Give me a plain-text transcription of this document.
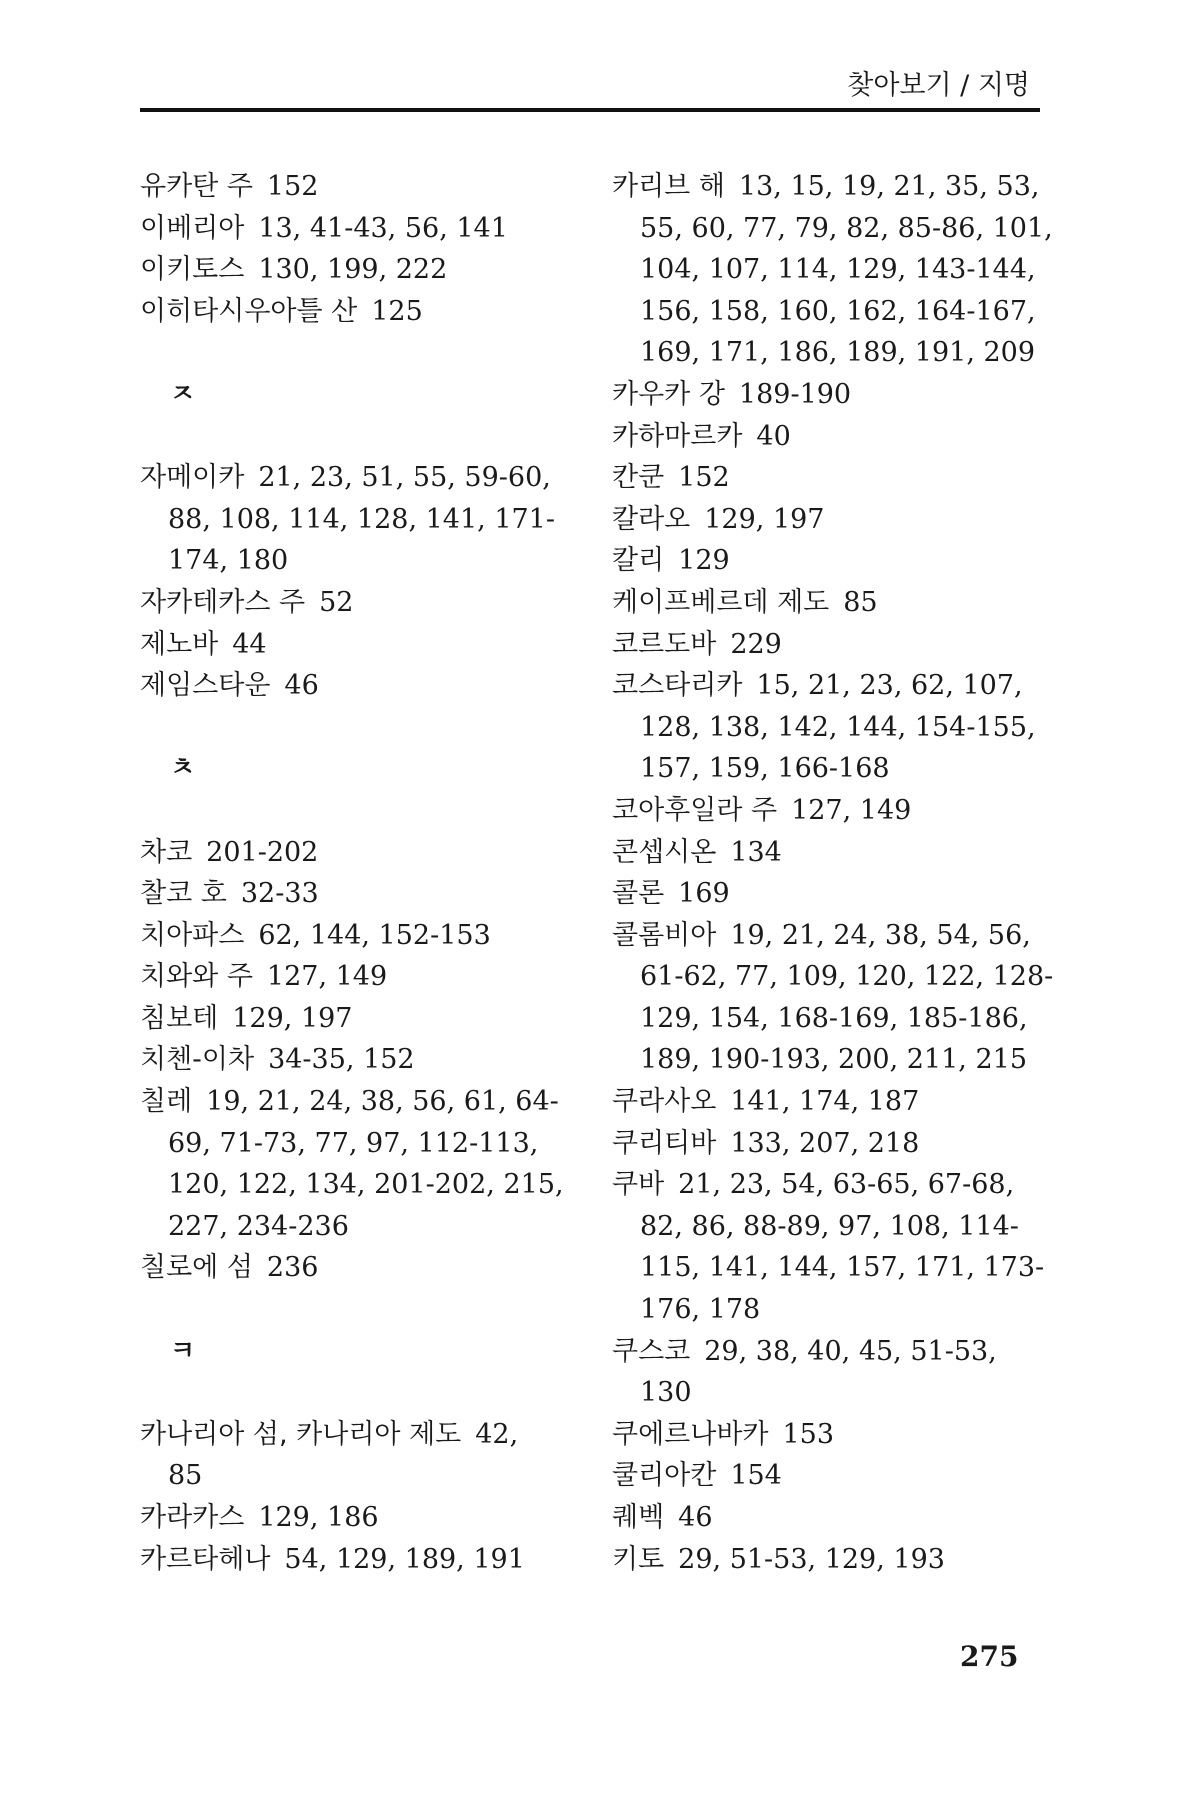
찾아보기 / 지명
유카탄 주 152
이베리아 13, 41-43, 56, 141
이키토스 130, 199, 222
이히타시우아틀 산 125
ㅈ
자메이카 21, 23, 51, 55, 59-60,
88, 108, 114, 128, 141, 171-
174, 180
자카테카스 주 52
제노바 44
제임스타운 46
ㅊ
차코 201-202
찰코 호 32-33
치아파스 62, 144, 152-153
치와와 주 127, 149
침보테 129, 197
치첸-이차 34-35, 152
칠레 19, 21, 24, 38, 56, 61, 64-
69, 71-73, 77, 97, 112-113,
120, 122, 134, 201-202, 215,
227, 234-236
칠로에 섬 236
ㅋ
카나리아 섬, 카나리아 제도 42,
85
카라카스 129, 186
카르타헤나 54, 129, 189, 191
카리브 해 13, 15, 19, 21, 35, 53,
55, 60, 77, 79, 82, 85-86, 101,
104, 107, 114, 129, 143-144,
156, 158, 160, 162, 164-167,
169, 171, 186, 189, 191, 209
카우카 강 189-190
카하마르카 40
칸쿤 152
칼라오 129, 197
칼리 129
케이프베르데 제도 85
코르도바 229
코스타리카 15, 21, 23, 62, 107,
128, 138, 142, 144, 154-155,
157, 159, 166-168
코아후일라 주 127, 149
콘셉시온 134
콜론 169
콜롬비아 19, 21, 24, 38, 54, 56,
61-62, 77, 109, 120, 122, 128-
129, 154, 168-169, 185-186,
189, 190-193, 200, 211, 215
쿠라사오 141, 174, 187
쿠리티바 133, 207, 218
쿠바 21, 23, 54, 63-65, 67-68,
82, 86, 88-89, 97, 108, 114-
115, 141, 144, 157, 171, 173-
176, 178
쿠스코 29, 38, 40, 45, 51-53,
130
쿠에르나바카 153
쿨리아칸 154
퀘벡 46
키토 29, 51-53, 129, 193
275
